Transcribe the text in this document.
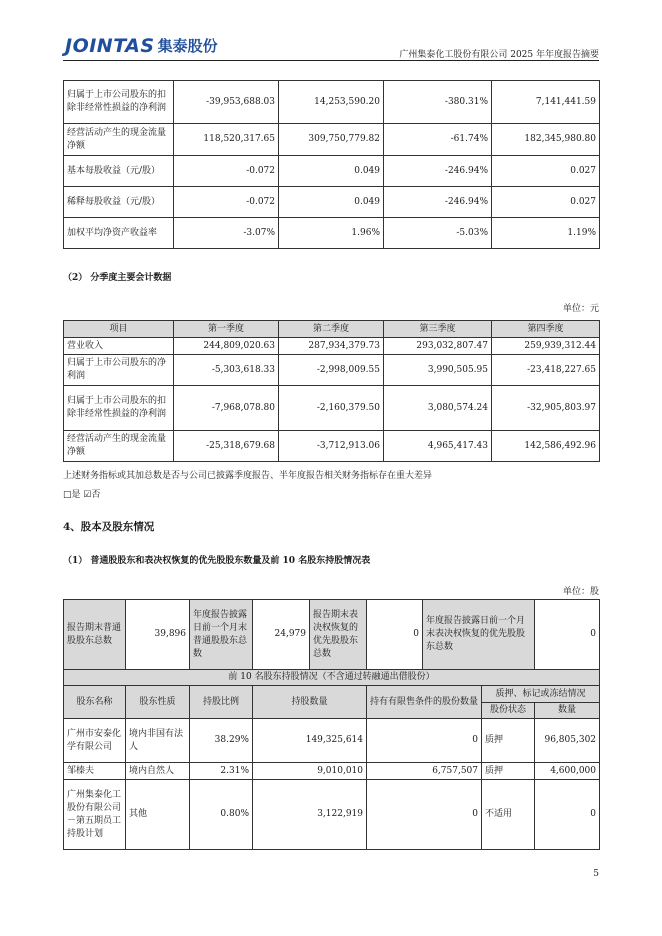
JOINTAS 集泰股份	广州集泰化工股份有限公司 2025 年年度报告摘要
归属于上市公司股东的扣除非经常性损益的净利润	-39,953,688.03	14,253,590.20	-380.31%	7,141,441.59
经营活动产生的现金流量净额	118,520,317.65	309,750,779.82	-61.74%	182,345,980.80
基本每股收益（元/股）	-0.072	0.049	-246.94%	0.027
稀释每股收益（元/股）	-0.072	0.049	-246.94%	0.027
加权平均净资产收益率	-3.07%	1.96%	-5.03%	1.19%
（2） 分季度主要会计数据
单位：元
项目	第一季度	第二季度	第三季度	第四季度
营业收入	244,809,020.63	287,934,379.73	293,032,807.47	259,939,312.44
归属于上市公司股东的净利润	-5,303,618.33	-2,998,009.55	3,990,505.95	-23,418,227.65
归属于上市公司股东的扣除非经常性损益的净利润	-7,968,078.80	-2,160,379.50	3,080,574.24	-32,905,803.97
经营活动产生的现金流量净额	-25,318,679.68	-3,712,913.06	4,965,417.43	142,586,492.96
上述财务指标或其加总数是否与公司已披露季度报告、半年度报告相关财务指标存在重大差异
□是 ☑否
4、股本及股东情况
（1） 普通股股东和表决权恢复的优先股股东数量及前 10 名股东持股情况表
单位：股
报告期末普通股股东总数	39,896	年度报告披露日前一个月末普通股股东总数	24,979	报告期末表决权恢复的优先股股东总数	0	年度报告披露日前一个月末表决权恢复的优先股股东总数		0
前 10 名股东持股情况（不含通过转融通出借股份）								
股东名称	股东性质	持股比例	持股数量		持有有限售条件的股份数量		质押、标记或冻结情况	
							股份状态	数量
广州市安泰化学有限公司	境内非国有法人	38.29%	149,325,614		0		质押	96,805,302
邹榛夫	境内自然人	2.31%	9,010,010		6,757,507		质押	4,600,000
广州集泰化工股份有限公司－第五期员工持股计划	其他	0.80%	3,122,919		0		不适用	0
5
